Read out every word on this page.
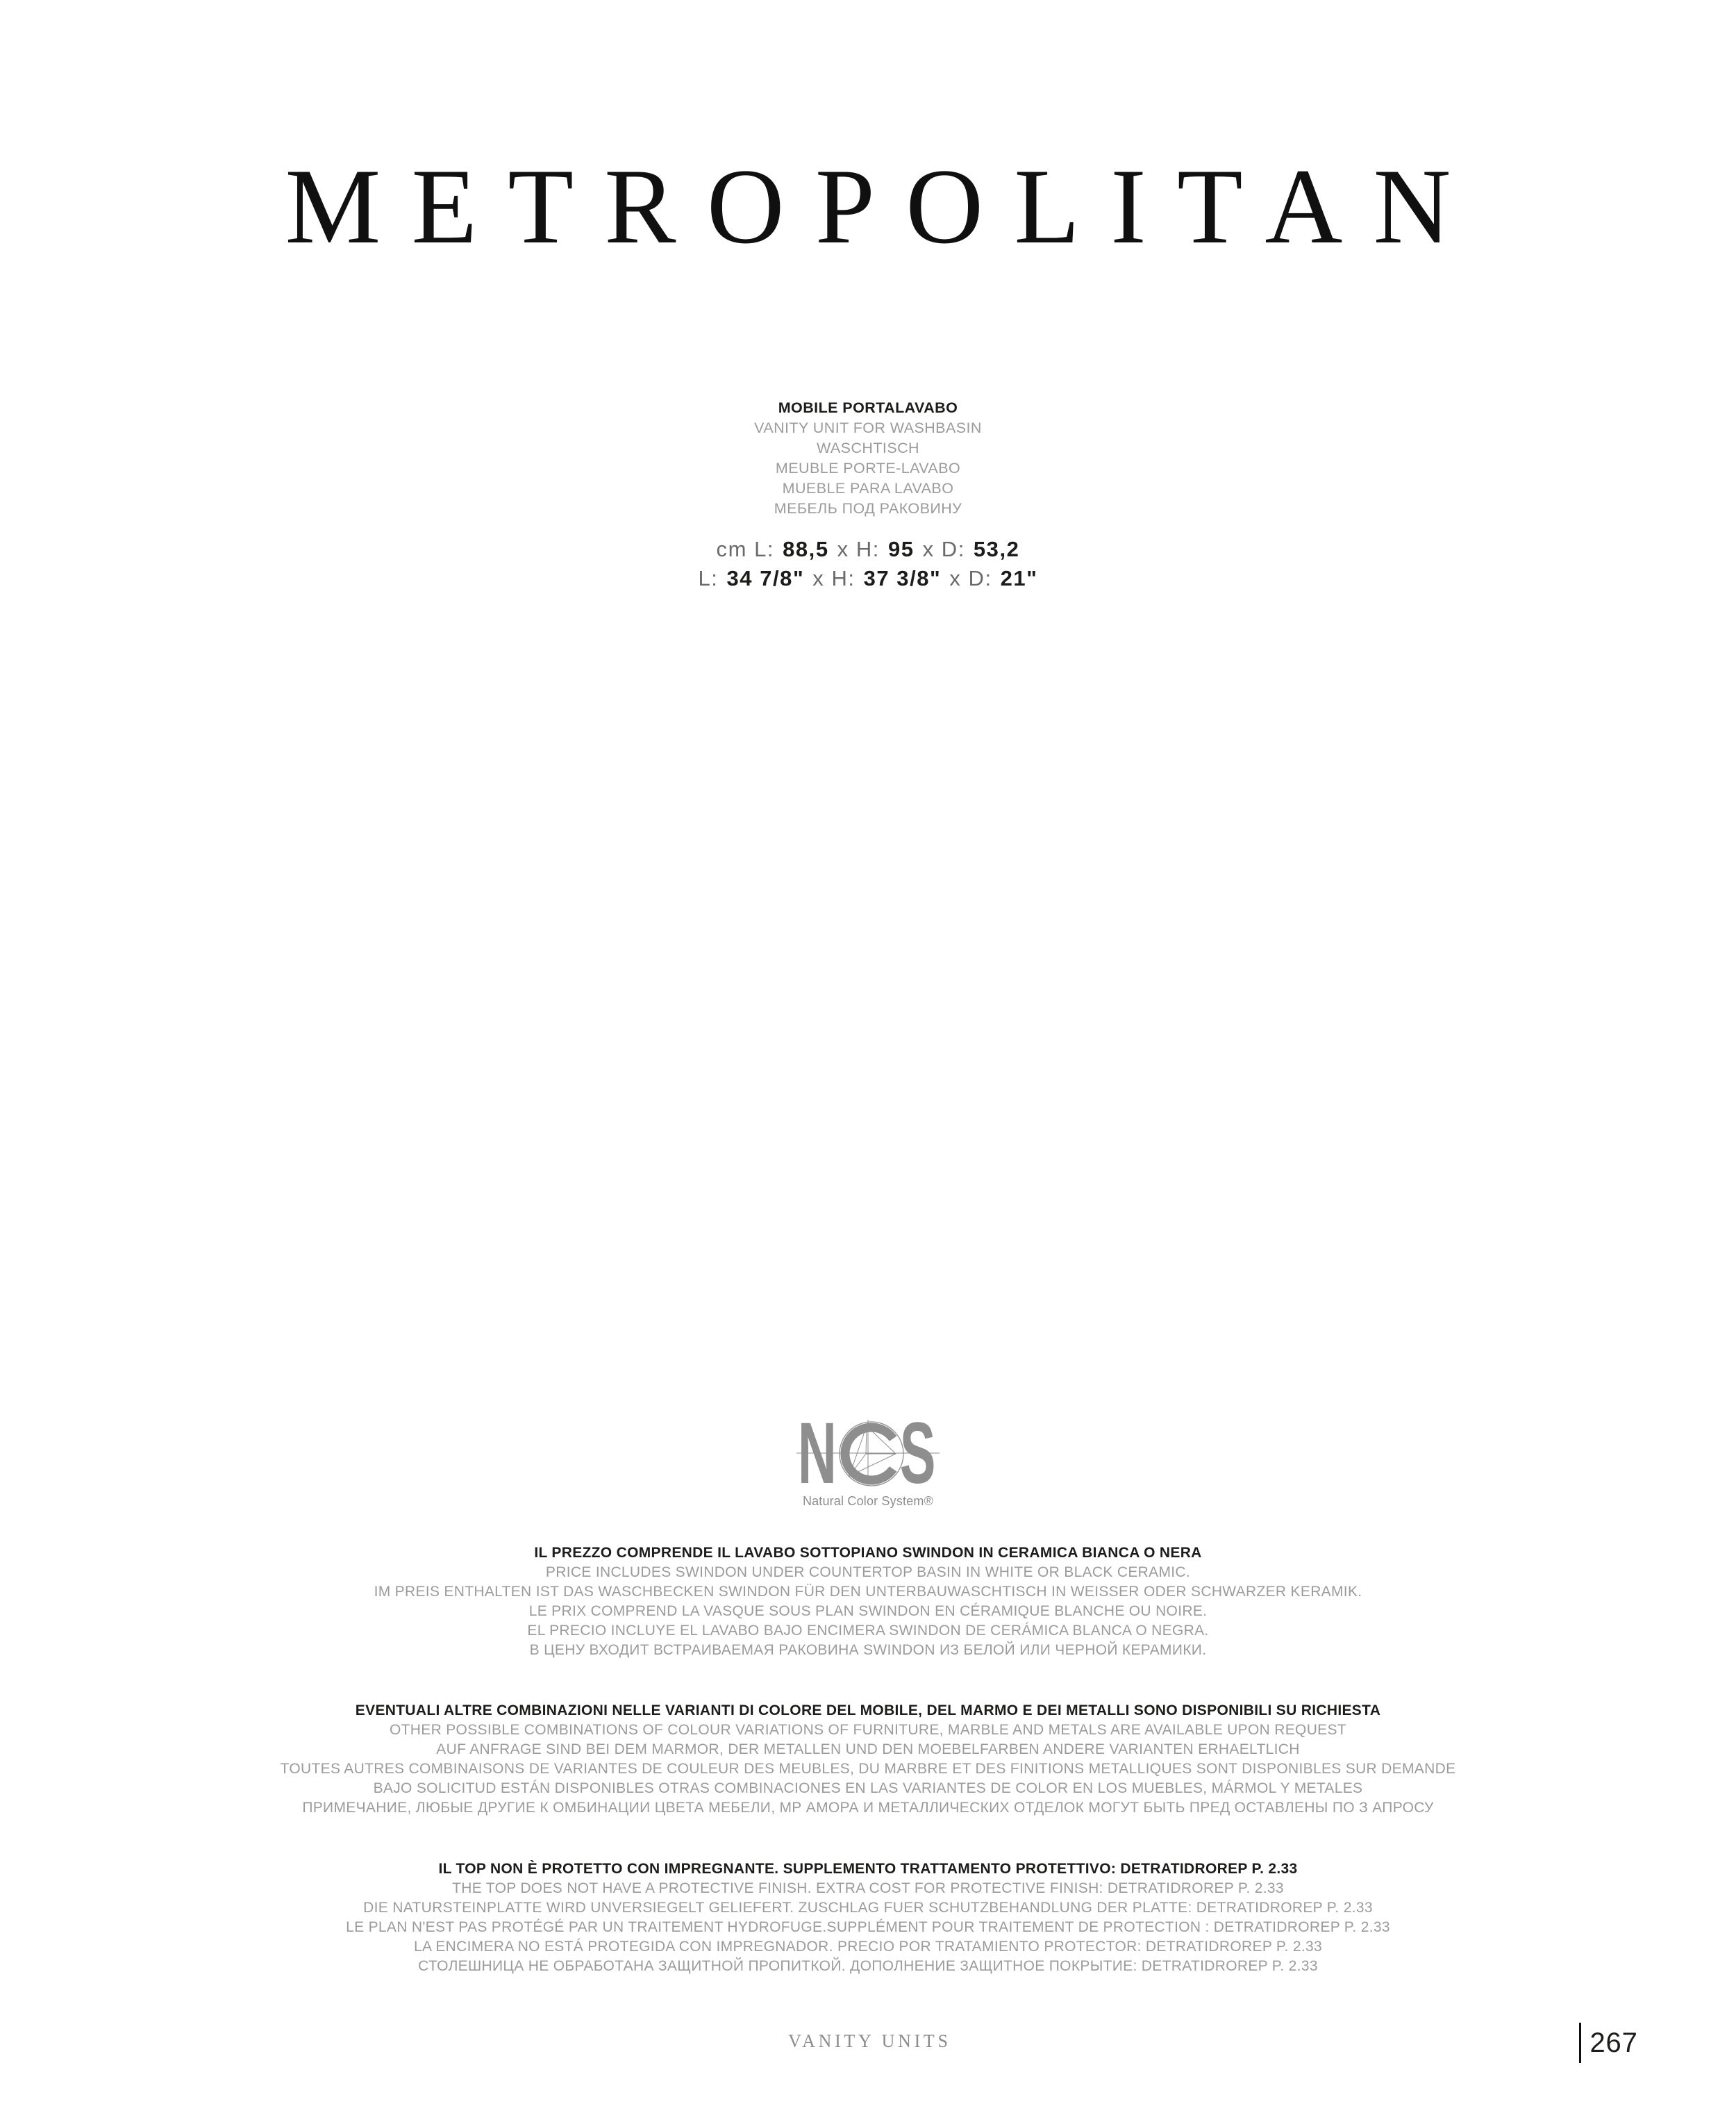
METROPOLITAN
MOBILE PORTALAVABO
VANITY UNIT FOR WASHBASIN
WASCHTISCH
MEUBLE PORTE-LAVABO
MUEBLE PARA LAVABO
МЕБЕЛЬ ПОД РАКОВИНУ
cm L: 88,5 x H: 95 x D: 53,2
L: 34 7/8" x H: 37 3/8" x D: 21"
N S
Natural Color System®
IL PREZZO COMPRENDE IL LAVABO SOTTOPIANO SWINDON IN CERAMICA BIANCA O NERA
PRICE INCLUDES SWINDON UNDER COUNTERTOP BASIN IN WHITE OR BLACK CERAMIC.
IM PREIS ENTHALTEN IST DAS WASCHBECKEN SWINDON FÜR DEN UNTERBAUWASCHTISCH IN WEISSER ODER SCHWARZER KERAMIK.
LE PRIX COMPREND LA VASQUE SOUS PLAN SWINDON EN CÉRAMIQUE BLANCHE OU NOIRE.
EL PRECIO INCLUYE EL LAVABO BAJO ENCIMERA SWINDON DE CERÁMICA BLANCA O NEGRA.
В ЦЕНУ ВХОДИТ ВСТРАИВАЕМАЯ РАКОВИНА SWINDON ИЗ БЕЛОЙ ИЛИ ЧЕРНОЙ КЕРАМИКИ.
EVENTUALI ALTRE COMBINAZIONI NELLE VARIANTI DI COLORE DEL MOBILE, DEL MARMO E DEI METALLI SONO DISPONIBILI SU RICHIESTA
OTHER POSSIBLE COMBINATIONS OF COLOUR VARIATIONS OF FURNITURE, MARBLE AND METALS ARE AVAILABLE UPON REQUEST
AUF ANFRAGE SIND BEI DEM MARMOR, DER METALLEN UND DEN MOEBELFARBEN ANDERE VARIANTEN ERHAELTLICH
TOUTES AUTRES COMBINAISONS DE VARIANTES DE COULEUR DES MEUBLES, DU MARBRE ET DES FINITIONS METALLIQUES SONT DISPONIBLES SUR DEMANDE
BAJO SOLICITUD ESTÁN DISPONIBLES OTRAS COMBINACIONES EN LAS VARIANTES DE COLOR EN LOS MUEBLES, MÁRMOL Y METALES
ПРИМЕЧАНИЕ, ЛЮБЫЕ ДРУГИЕ К ОМБИНАЦИИ ЦВЕТА МЕБЕЛИ, МР АМОРА И МЕТАЛЛИЧЕСКИХ ОТДЕЛОК МОГУТ БЫТЬ ПРЕД ОСТАВЛЕНЫ ПО З АПРОСУ
IL TOP NON È PROTETTO CON IMPREGNANTE. SUPPLEMENTO TRATTAMENTO PROTETTIVO: DETRATIDROREP P. 2.33
THE TOP DOES NOT HAVE A PROTECTIVE FINISH. EXTRA COST FOR PROTECTIVE FINISH: DETRATIDROREP P. 2.33
DIE NATURSTEINPLATTE WIRD UNVERSIEGELT GELIEFERT. ZUSCHLAG FUER SCHUTZBEHANDLUNG DER PLATTE: DETRATIDROREP P. 2.33
LE PLAN N'EST PAS PROTÉGÉ PAR UN TRAITEMENT HYDROFUGE.SUPPLÉMENT POUR TRAITEMENT DE PROTECTION : DETRATIDROREP P. 2.33
LA ENCIMERA NO ESTÁ PROTEGIDA CON IMPREGNADOR. PRECIO POR TRATAMIENTO PROTECTOR: DETRATIDROREP P. 2.33
СТОЛЕШНИЦА НЕ ОБРАБОТАНА ЗАЩИТНОЙ ПРОПИТКОЙ. ДОПОЛНЕНИЕ ЗАЩИТНОЕ ПОКРЫТИЕ: DETRATIDROREP P. 2.33
VANITY UNITS	267
